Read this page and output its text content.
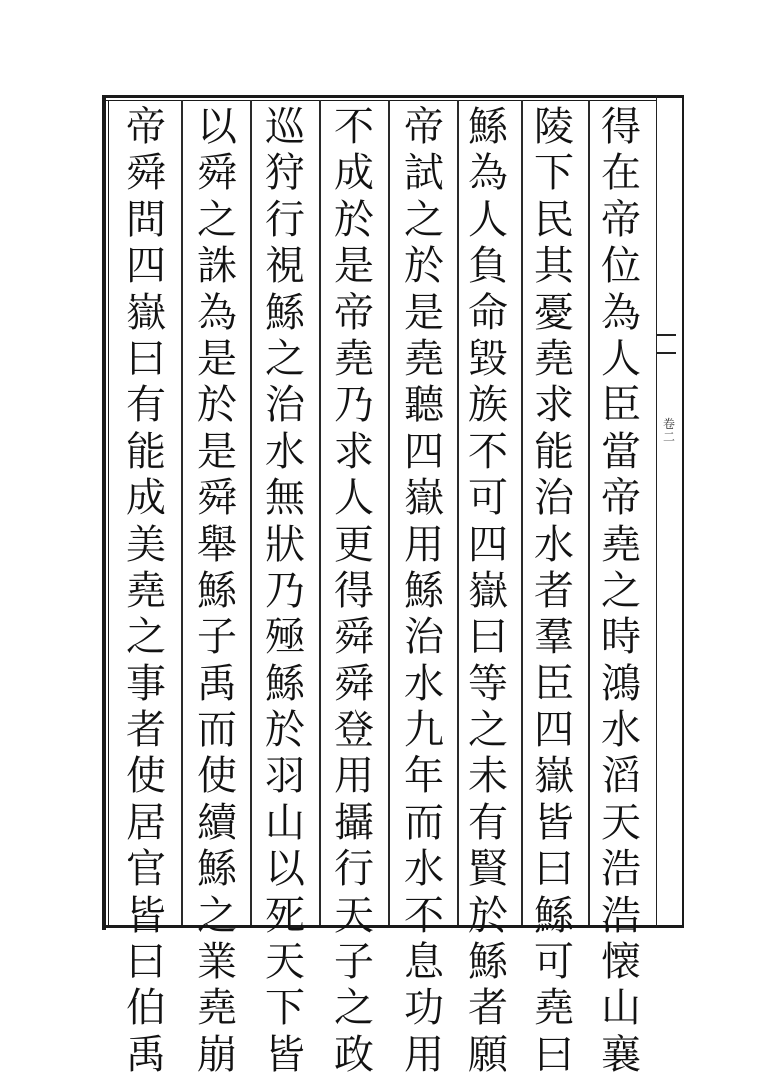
卷
二
得
在
帝
位
為
人
臣
當
帝
堯
之
時
鴻
水
滔
天
浩
浩
懐
山
襄
陵
下
民
其
憂
堯
求
能
治
水
者
羣
臣
四
嶽
皆
曰
鯀
可
堯
曰
鯀
為
人
負
命
毀
族
不
可
四
嶽
曰
等
之
未
有
賢
於
鯀
者
願
帝
試
之
於
是
堯
聽
四
嶽
用
鯀
治
水
九
年
而
水
不
息
功
用
不
成
於
是
帝
堯
乃
求
人
更
得
舜
舜
登
用
攝
行
天
子
之
政
巡
狩
行
視
鯀
之
治
水
無
狀
乃
殛
鯀
於
羽
山
以
死
天
下
皆
以
舜
之
誅
為
是
於
是
舜
舉
鯀
子
禹
而
使
續
鯀
之
業
堯
崩
帝
舜
問
四
嶽
曰
有
能
成
美
堯
之
事
者
使
居
官
皆
曰
伯
禹
